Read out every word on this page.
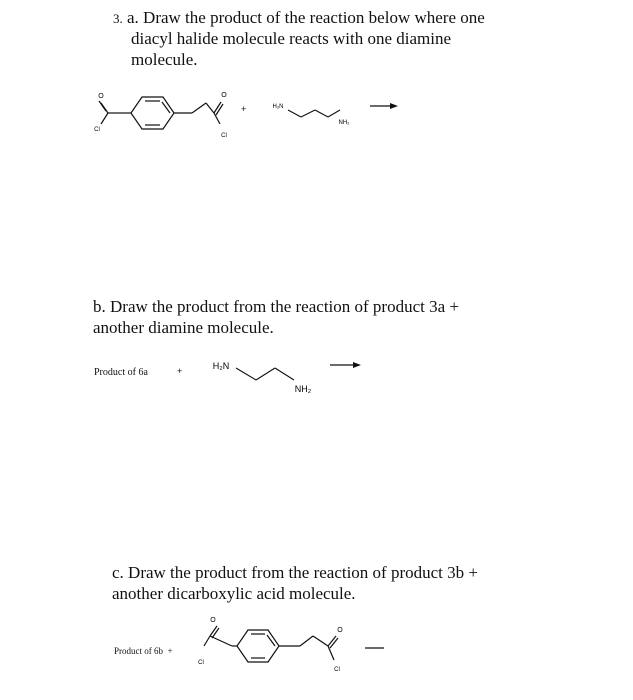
3. a. Draw the product of the reaction below where one
diacyl halide molecule reacts with one diamine
molecule.
O
Cl
O
Cl
H₂N
NH₂
H₂N
NH₂
O
Cl
O
Cl
+
b. Draw the product from the reaction of product 3a +
another diamine molecule.
Product of 6a	+
c. Draw the product from the reaction of product 3b +
another dicarboxylic acid molecule.
Product of 6b +
